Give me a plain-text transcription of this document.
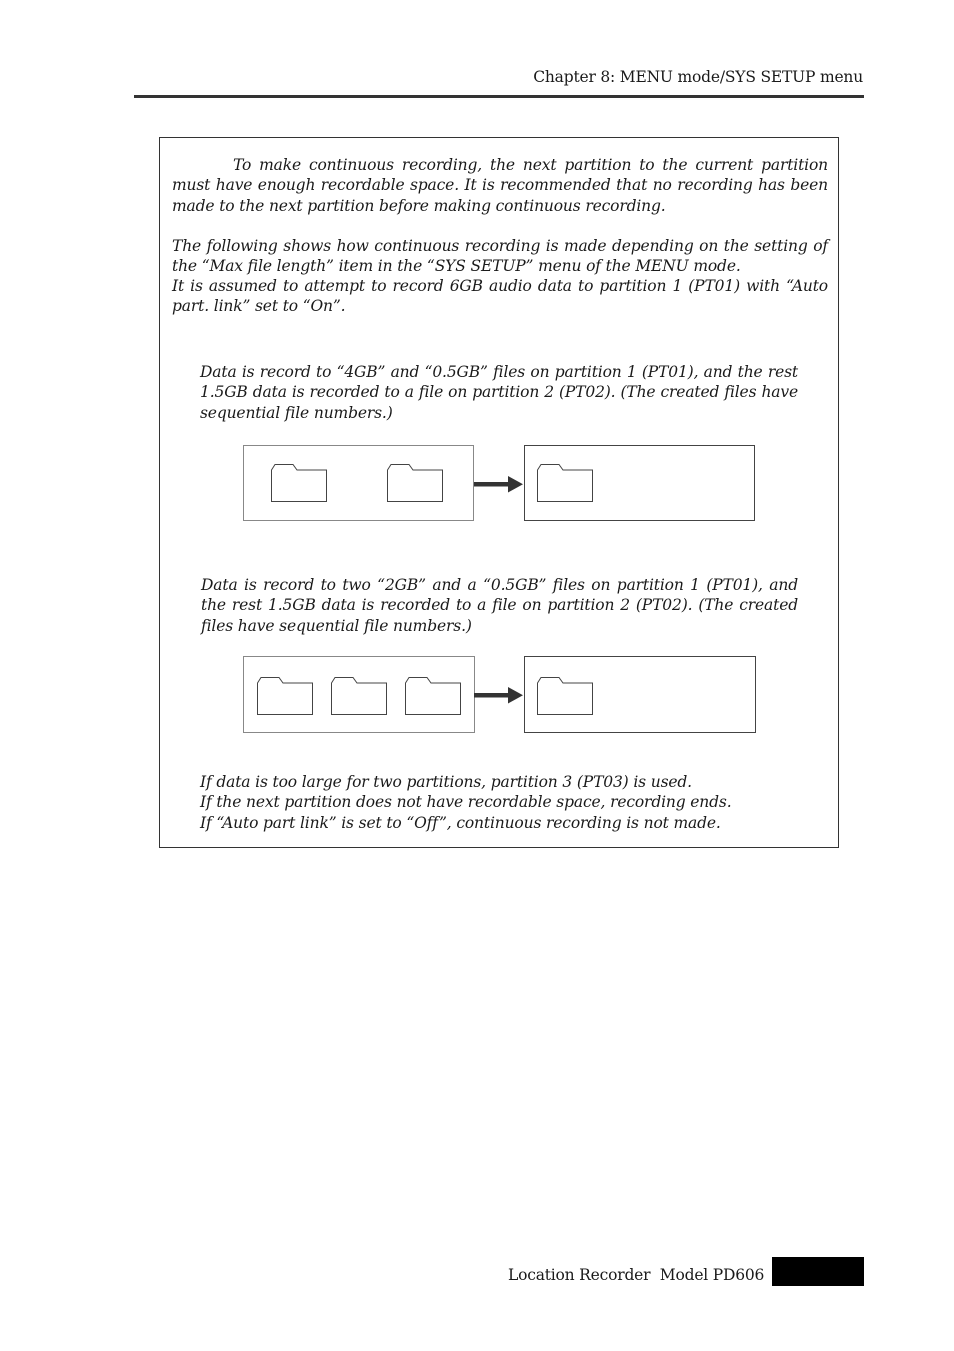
Chapter 8: MENU mode/SYS SETUP menu

To make continuous recording, the next partition to the current partition must have enough recordable space. It is recommended that no recording has been made to the next partition before making continuous recording.

The following shows how continuous recording is made depending on the setting of the “Max file length” item in the “SYS SETUP” menu of the MENU mode.

It is assumed to attempt to record 6GB audio data to partition 1 (PT01) with “Auto part. link” set to “On”.

Data is record to “4GB” and “0.5GB” files on partition 1 (PT01), and the rest 1.5GB data is recorded to a file on partition 2 (PT02). (The created files have sequential file numbers.)

Data is record to two “2GB” and a “0.5GB” files on partition 1 (PT01), and the rest 1.5GB data is recorded to a file on partition 2 (PT02). (The created files have sequential file numbers.)

If data is too large for two partitions, partition 3 (PT03) is used.
If the next partition does not have recordable space, recording ends.
If “Auto part link” is set to “Off”, continuous recording is not made.
Location Recorder  Model PD606
